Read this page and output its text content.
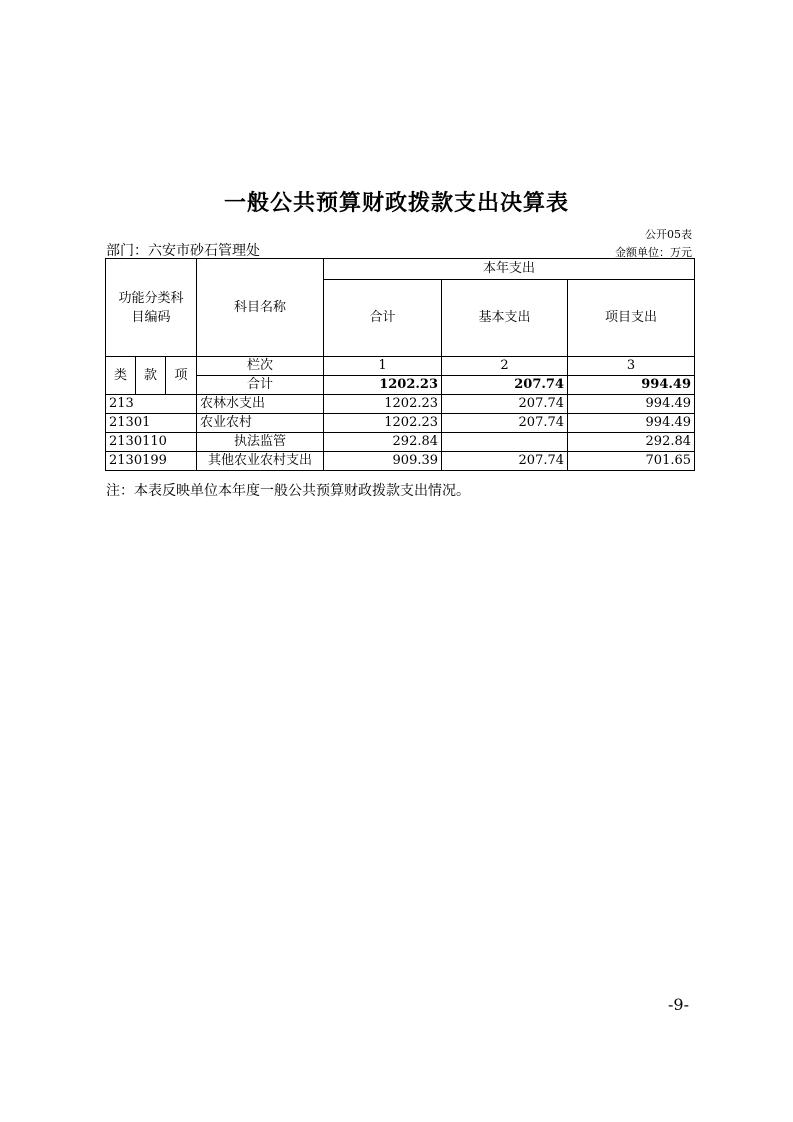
一般公共预算财政拨款支出决算表
公开05表
部门：六安市砂石管理处	金额单位：万元
功能分类科目编码			科目名称	本年支出		
				合计	基本支出	项目支出
类	款	项	栏次	1	2	3
			合计	1202.23	207.74	994.49
213			农林水支出	1202.23	207.74	994.49
21301			农业农村	1202.23	207.74	994.49
2130110			执法监管	292.84		292.84
2130199			其他农业农村支出	909.39	207.74	701.65
注：本表反映单位本年度一般公共预算财政拨款支出情况。
-9-
